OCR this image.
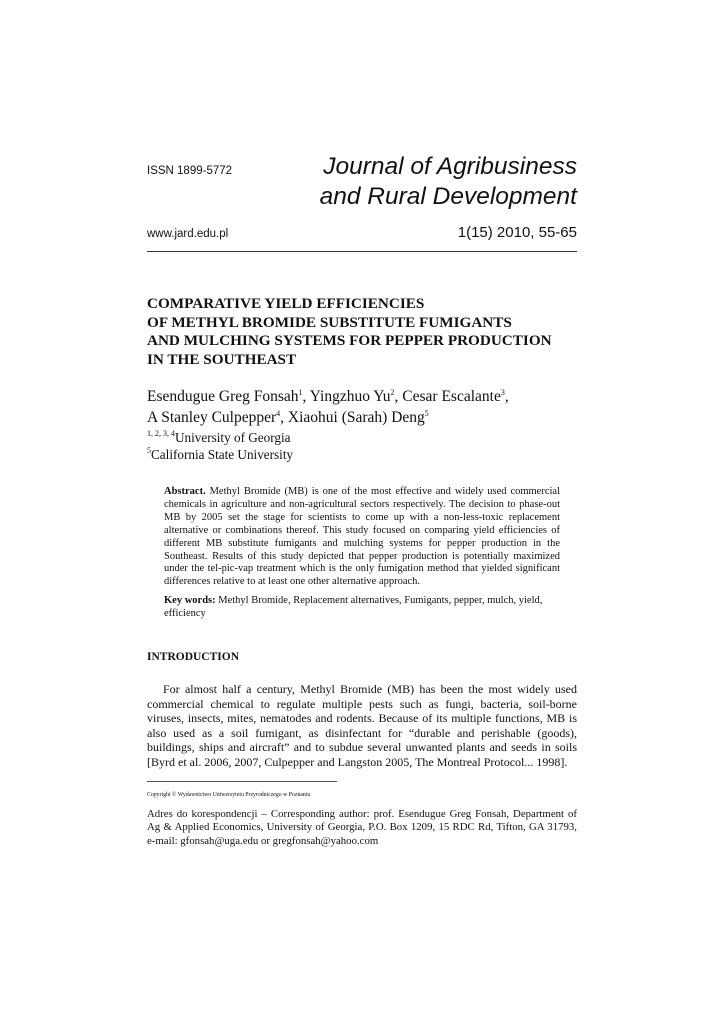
ISSN 1899-5772	Journal of Agribusiness
and Rural Development
www.jard.edu.pl	1(15) 2010, 55-65
COMPARATIVE YIELD EFFICIENCIES
OF METHYL BROMIDE SUBSTITUTE FUMIGANTS
AND MULCHING SYSTEMS FOR PEPPER PRODUCTION
IN THE SOUTHEAST
Esendugue Greg Fonsah$^1$, Yingzhuo Yu$^2$, Cesar Escalante$^3$,
A Stanley Culpepper$^4$, Xiaohui (Sarah) Deng$^5$
$^{1, 2, 3, 4}$University of Georgia
$^5$California State University

Abstract. Methyl Bromide (MB) is one of the most effective and widely used commercial chemicals in agriculture and non-agricultural sectors respectively. The decision to phase-out MB by 2005 set the stage for scientists to come up with a non-less-toxic replacement alternative or combinations thereof. This study focused on comparing yield efficiencies of different MB substitute fumigants and mulching systems for pepper production in the Southeast. Results of this study depicted that pepper production is potentially maximized under the tel-pic-vap treatment which is the only fumigation method that yielded significant differences relative to at least one other alternative approach.

Key words: Methyl Bromide, Replacement alternatives, Fumigants, pepper, mulch, yield, efficiency
INTRODUCTION
For almost half a century, Methyl Bromide (MB) has been the most widely used commercial chemical to regulate multiple pests such as fungi, bacteria, soil-borne viruses, insects, mites, nematodes and rodents. Because of its multiple functions, MB is also used as a soil fumigant, as disinfectant for “durable and perishable (goods), buildings, ships and aircraft” and to subdue several unwanted plants and seeds in soils [Byrd et al. 2006, 2007, Culpepper and Langston 2005, The Montreal Protocol... 1998].
Copyright © Wydawnictwo Uniwersytetu Przyrodniczego w Poznaniu
Adres do korespondencji – Corresponding author: prof. Esendugue Greg Fonsah, Department of Ag & Applied Economics, University of Georgia, P.O. Box 1209, 15 RDC Rd, Tifton, GA 31793, e-mail: gfonsah@uga.edu or gregfonsah@yahoo.com
